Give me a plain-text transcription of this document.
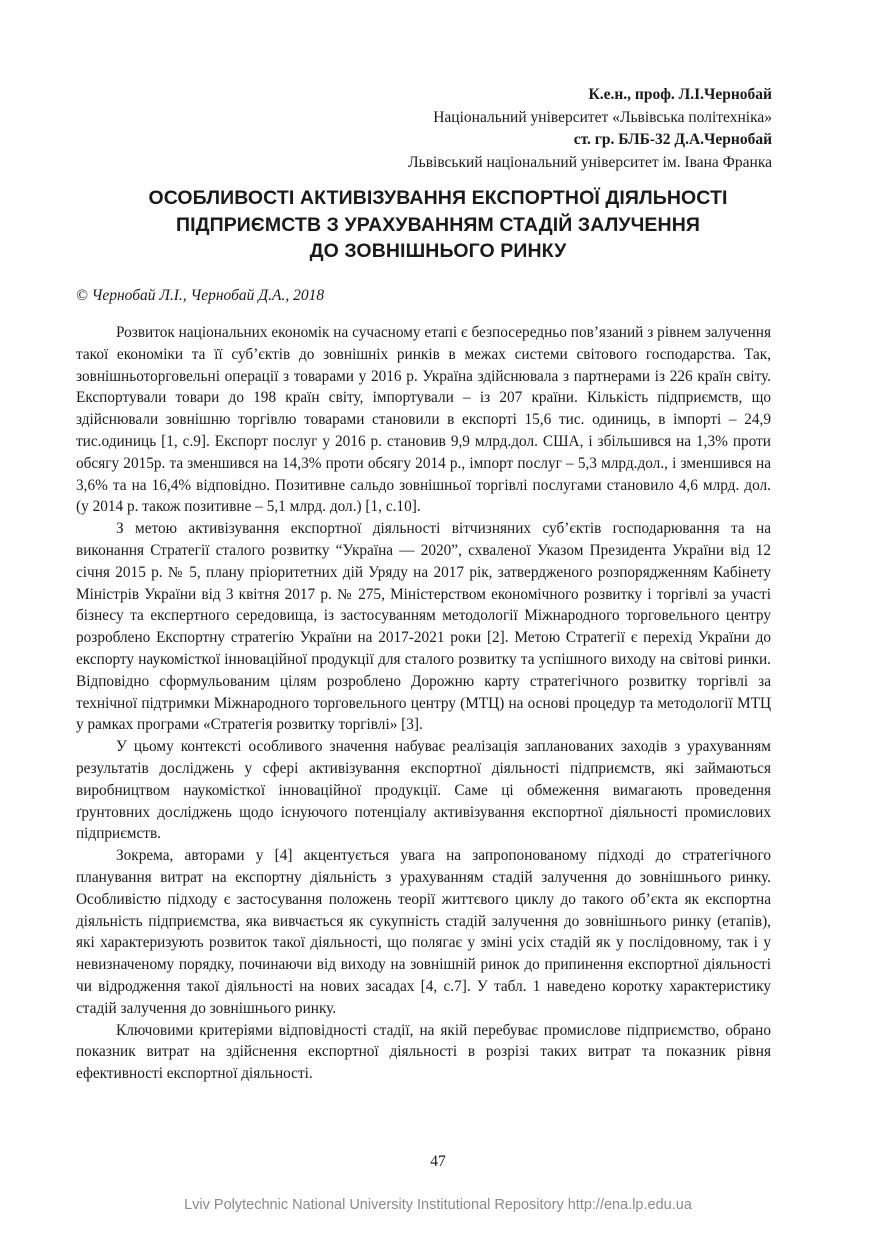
К.е.н., проф. Л.І.Чернобай
Національний університет «Львівська політехніка»
ст. гр. БЛБ-32 Д.А.Чернобай
Львівський національний університет ім. Івана Франка
ОСОБЛИВОСТІ АКТИВІЗУВАННЯ ЕКСПОРТНОЇ ДІЯЛЬНОСТІ
ПІДПРИЄМСТВ З УРАХУВАННЯМ СТАДІЙ ЗАЛУЧЕННЯ
ДО ЗОВНІШНЬОГО РИНКУ
© Чернобай Л.І., Чернобай Д.А., 2018

Розвиток національних економік на сучасному етапі є безпосередньо пов’язаний з рівнем залучення такої економіки та її суб’єктів до зовнішніх ринків в межах системи світового господарства. Так, зовнішньоторговельні операції з товарами у 2016 р. Україна здійснювала з партнерами із 226 країн світу. Експортували товари до 198 країн світу, імпортували – із 207 країни. Кількість підприємств, що здійснювали зовнішню торгівлю товарами становили в експорті 15,6 тис. одиниць, в імпорті – 24,9 тис.одиниць [1, с.9]. Експорт послуг у 2016 р. становив 9,9 млрд.дол. США, і збільшився на 1,3% проти обсягу 2015р. та зменшився на 14,3% проти обсягу 2014 р., імпорт послуг – 5,3 млрд.дол., і зменшився на 3,6% та на 16,4% відповідно. Позитивне сальдо зовнішньої торгівлі послугами становило 4,6 млрд. дол. (у 2014 р. також позитивне – 5,1 млрд. дол.) [1, с.10].

З метою активізування експортної діяльності вітчизняних суб’єктів господарювання та на виконання Стратегії сталого розвитку “Україна — 2020”, схваленої Указом Президента України від 12 січня 2015 р. № 5, плану пріоритетних дій Уряду на 2017 рік, затвердженого розпорядженням Кабінету Міністрів України від 3 квітня 2017 р. № 275, Міністерством економічного розвитку і торгівлі за участі бізнесу та експертного середовища, із застосуванням методології Міжнародного торговельного центру розроблено Експортну стратегію України на 2017-2021 роки [2]. Метою Стратегії є перехід України до експорту наукомісткої інноваційної продукції для сталого розвитку та успішного виходу на світові ринки. Відповідно сформульованим цілям розроблено Дорожню карту стратегічного розвитку торгівлі за технічної підтримки Міжнародного торговельного центру (МТЦ) на основі процедур та методології МТЦ у рамках програми «Стратегія розвитку торгівлі» [3].

У цьому контексті особливого значення набуває реалізація запланованих заходів з урахуванням результатів досліджень у сфері активізування експортної діяльності підприємств, які займаються виробництвом наукомісткої інноваційної продукції. Саме ці обмеження вимагають проведення ґрунтовних досліджень щодо існуючого потенціалу активізування експортної діяльності промислових підприємств.

Зокрема, авторами у [4] акцентується увага на запропонованому підході до стратегічного планування витрат на експортну діяльність з урахуванням стадій залучення до зовнішнього ринку. Особливістю підходу є застосування положень теорії життєвого циклу до такого об’єкта як експортна діяльність підприємства, яка вивчається як сукупність стадій залучення до зовнішнього ринку (етапів), які характеризують розвиток такої діяльності, що полягає у зміні усіх стадій як у послідовному, так і у невизначеному порядку, починаючи від виходу на зовнішній ринок до припинення експортної діяльності чи відродження такої діяльності на нових засадах [4, с.7]. У табл. 1 наведено коротку характеристику стадій залучення до зовнішнього ринку.

Ключовими критеріями відповідності стадії, на якій перебуває промислове підприємство, обрано показник витрат на здійснення експортної діяльності в розрізі таких витрат та показник рівня ефективності експортної діяльності.

47
Lviv Polytechnic National University Institutional Repository http://ena.lp.edu.ua
